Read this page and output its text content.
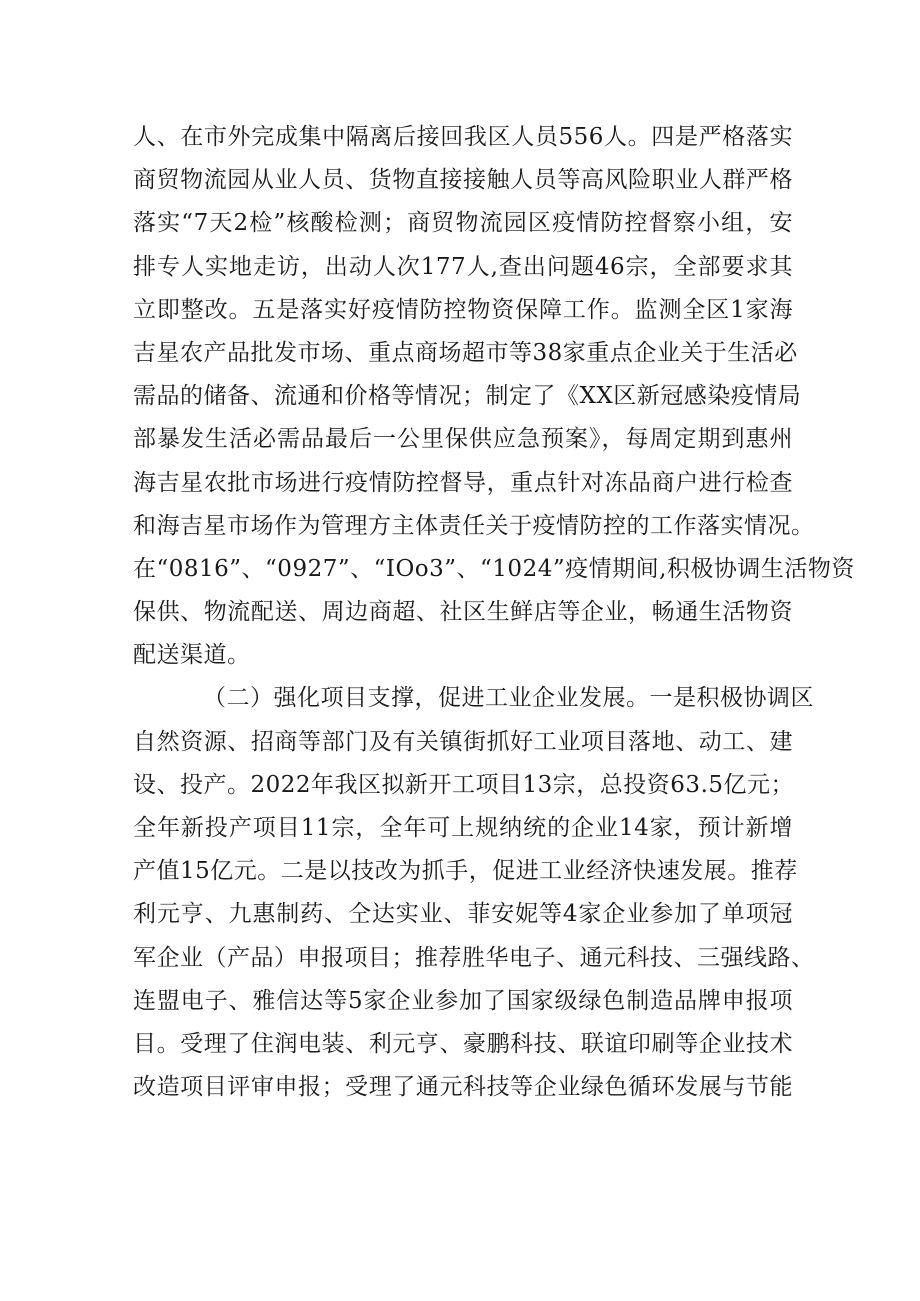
人、在市外完成集中隔离后接回我区人员556人。四是严格落实
商贸物流园从业人员、货物直接接触人员等高风险职业人群严格
落实“7天2检”核酸检测；商贸物流园区疫情防控督察小组，安
排专人实地走访，出动人次177人,查出问题46宗，全部要求其
立即整改。五是落实好疫情防控物资保障工作。监测全区1家海
吉星农产品批发市场、重点商场超市等38家重点企业关于生活必
需品的储备、流通和价格等情况；制定了《XX区新冠感染疫情局
部暴发生活必需品最后一公里保供应急预案》，每周定期到惠州
海吉星农批市场进行疫情防控督导，重点针对冻品商户进行检查
和海吉星市场作为管理方主体责任关于疫情防控的工作落实情况。
在“0816”、“0927”、“IOo3”、“1024”疫情期间,积极协调生活物资
保供、物流配送、周边商超、社区生鲜店等企业，畅通生活物资
配送渠道。
（二）强化项目支撑，促进工业企业发展。一是积极协调区
自然资源、招商等部门及有关镇街抓好工业项目落地、动工、建
设、投产。2022年我区拟新开工项目13宗，总投资63.5亿元；
全年新投产项目11宗，全年可上规纳统的企业14家，预计新增
产值15亿元。二是以技改为抓手，促进工业经济快速发展。推荐
利元亨、九惠制药、仝达实业、菲安妮等4家企业参加了单项冠
军企业（产品）申报项目；推荐胜华电子、通元科技、三强线路、
连盟电子、雅信达等5家企业参加了国家级绿色制造品牌申报项
目。受理了住润电装、利元亨、豪鹏科技、联谊印刷等企业技术
改造项目评审申报；受理了通元科技等企业绿色循环发展与节能
